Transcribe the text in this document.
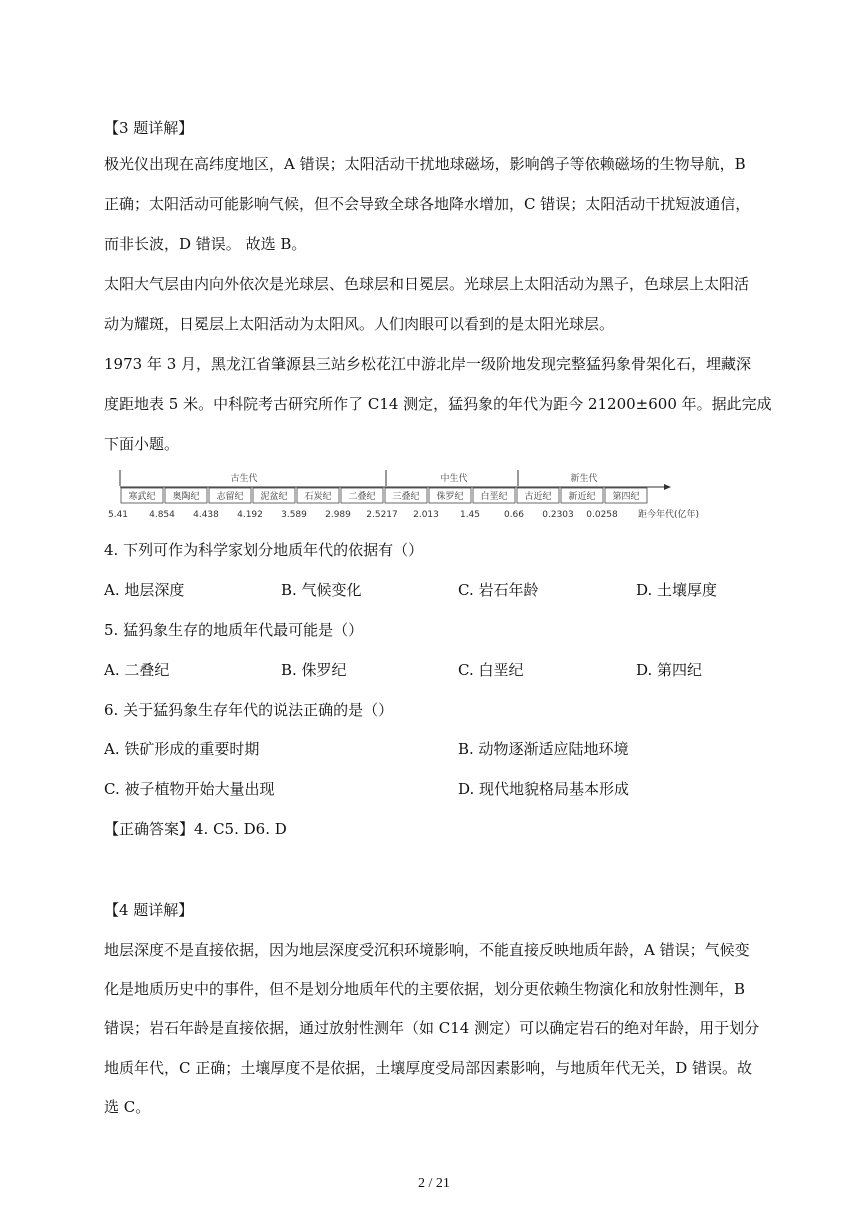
【3 题详解】
极光仪出现在高纬度地区，A 错误；太阳活动干扰地球磁场，影响鸽子等依赖磁场的生物导航，B
正确；太阳活动可能影响气候，但不会导致全球各地降水增加，C 错误；太阳活动干扰短波通信，
而非长波，D 错误。 故选 B。
太阳大气层由内向外依次是光球层、色球层和日冕层。光球层上太阳活动为黑子，色球层上太阳活
动为耀斑，日冕层上太阳活动为太阳风。人们肉眼可以看到的是太阳光球层。
1973 年 3 月，黑龙江省肇源县三站乡松花江中游北岸一级阶地发现完整猛犸象骨架化石，埋藏深
度距地表 5 米。中科院考古研究所作了 C14 测定，猛犸象的年代为距今 21200±600 年。据此完成
下面小题。
古生代	中生代	新生代
寒武纪 奥陶纪 志留纪 泥盆纪 石炭纪 二叠纪 三叠纪 侏罗纪 白垩纪 古近纪 新近纪 第四纪
5.41 4.854 4.438 4.192 3.589 2.989 2.5217 2.013 1.45	0.66 0.2303 0.0258 距今年代(亿年)
4. 下列可作为科学家划分地质年代的依据有（）
A. 地层深度	B. 气候变化	C. 岩石年龄	D. 土壤厚度
5. 猛犸象生存的地质年代最可能是（）
A. 二叠纪	B. 侏罗纪	C. 白垩纪	D. 第四纪
6. 关于猛犸象生存年代的说法正确的是（）
A. 铁矿形成的重要时期	B. 动物逐渐适应陆地环境
C. 被子植物开始大量出现	D. 现代地貌格局基本形成
【正确答案】4. C5. D6. D
【4 题详解】
地层深度不是直接依据，因为地层深度受沉积环境影响，不能直接反映地质年龄，A 错误；气候变
化是地质历史中的事件，但不是划分地质年代的主要依据，划分更依赖生物演化和放射性测年，B
错误；岩石年龄是直接依据，通过放射性测年（如 C14 测定）可以确定岩石的绝对年龄，用于划分
地质年代，C 正确；土壤厚度不是依据，土壤厚度受局部因素影响，与地质年代无关，D 错误。故
选 C。
2 / 21
